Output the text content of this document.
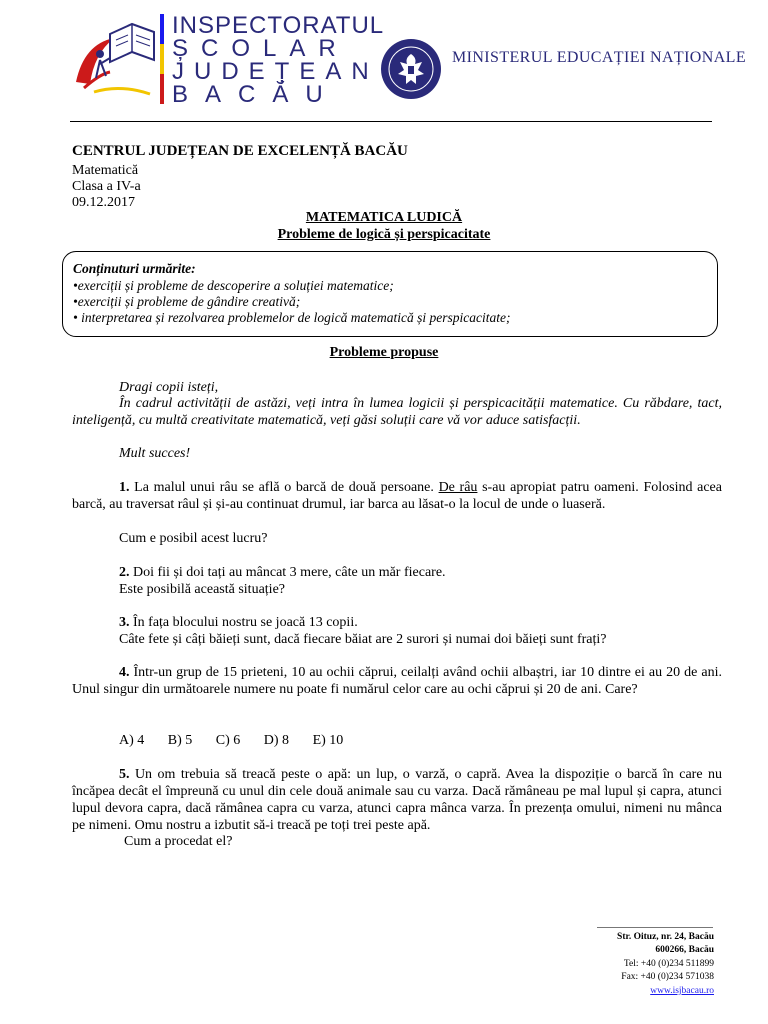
INSPECTORATUL
ȘCOLAR
JUDEȚEAN
BACĂU
MINISTERUL EDUCAȚIEI NAȚIONALE
CENTRUL JUDEȚEAN DE EXCELENȚĂ BACĂU
Matematică
Clasa a IV-a
09.12.2017
MATEMATICA LUDICĂ
Probleme de logică și perspicacitate
Conținuturi urmărite:
•exerciții și probleme de descoperire a soluției matematice;
•exerciții și probleme de gândire creativă;
• interpretarea și rezolvarea problemelor de logică matematică și perspicacitate;
Probleme propuse
Dragi copii isteți,
În cadrul activității de astăzi, veți intra în lumea logicii și perspicacității matematice. Cu răbdare, tact, inteligență, cu multă creativitate matematică, veți găsi soluții care vă vor aduce satisfacții.
Mult succes!
1. La malul unui râu se află o barcă de două persoane. De râu s-au apropiat patru oameni. Folosind acea barcă, au traversat râul și și-au continuat drumul, iar barca au lăsat-o la locul de unde o luaseră.
Cum e posibil acest lucru?
2. Doi fii și doi tați au mâncat 3 mere, câte un măr fiecare.
Este posibilă această situație?
3. În fața blocului nostru se joacă 13 copii.
Câte fete și câți băieți sunt, dacă fiecare băiat are 2 surori și numai doi băieți sunt frați?
4. Într-un grup de 15 prieteni, 10 au ochii căprui, ceilalți având ochii albaștri, iar 10 dintre ei au 20 de ani. Unul singur din următoarele numere nu poate fi numărul celor care au ochi căprui și 20 de ani. Care?
A) 4 B) 5 C) 6 D) 8 E) 10
5. Un om trebuia să treacă peste o apă: un lup, o varză, o capră. Avea la dispoziție o barcă în care nu încăpea decât el împreună cu unul din cele două animale sau cu varza. Dacă rămâneau pe mal lupul și capra, atunci lupul devora capra, dacă rămânea capra cu varza, atunci capra mânca varza. În prezența omului, nimeni nu mânca pe nimeni. Omu nostru a izbutit să-i treacă pe toți trei peste apă.
Cum a procedat el?
Str. Oituz, nr. 24, Bacău
600266, Bacău
Tel: +40 (0)234 511899
Fax: +40 (0)234 571038
www.isjbacau.ro
